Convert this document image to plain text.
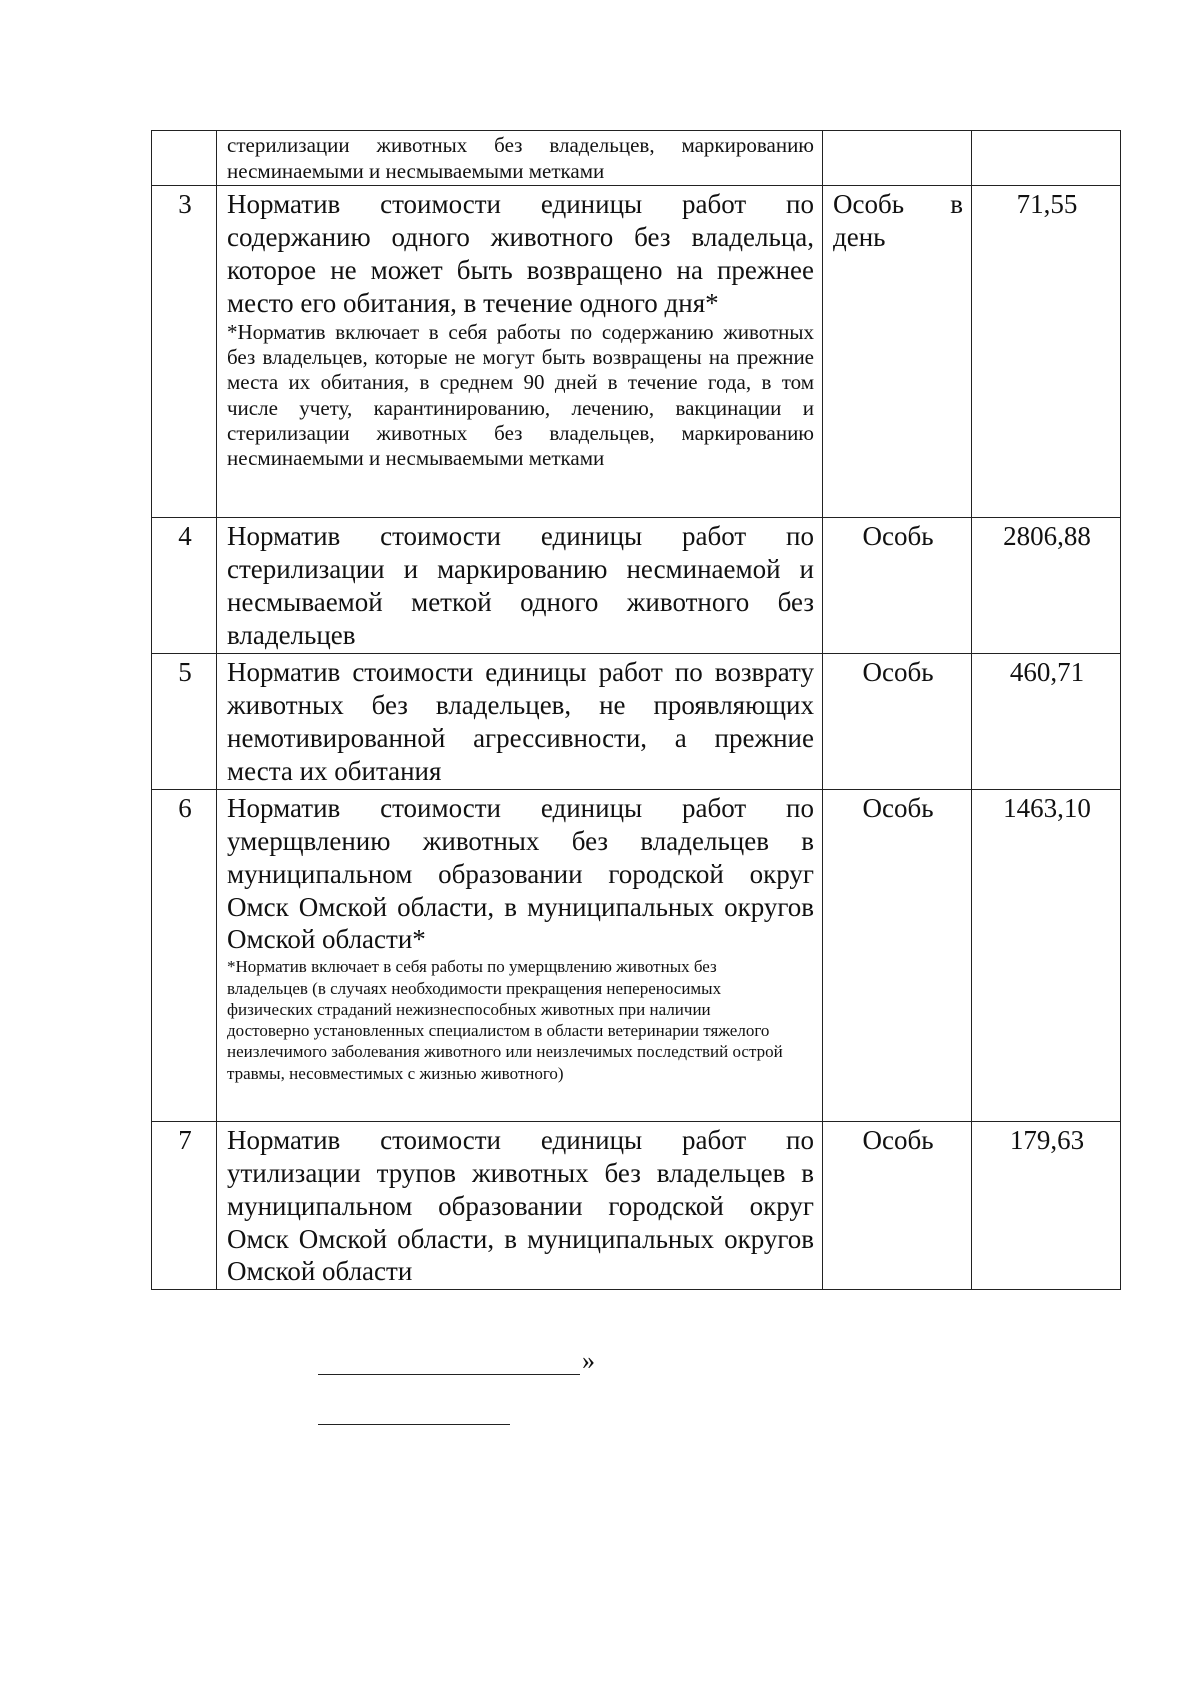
	стерилизации животных без владельцев, маркированию несминаемыми и несмываемыми метками		

3	Норматив стоимости единицы работ по содержанию одного животного без владельца, которое не может быть возвращено на прежнее место его обитания, в течение одного дня*
*Норматив включает в себя работы по содержанию животных без владельцев, которые не могут быть возвращены на прежние места их обитания, в среднем 90 дней в течение года, в том числе учету, карантинированию, лечению, вакцинации и стерилизации животных без владельцев, маркированию несминаемыми и несмываемыми метками	Особь в день	71,55
4	Норматив стоимости единицы работ по стерилизации и маркированию несминаемой и несмываемой меткой одного животного без владельцев	Особь	2806,88
5	Норматив стоимости единицы работ по возврату животных без владельцев, не проявляющих немотивированной агрессивности, а прежние места их обитания	Особь	460,71
6	Норматив стоимости единицы работ по умерщвлению животных без владельцев в муниципальном образовании городской округ Омск Омской области, в муниципальных округов Омской области*
*Норматив включает в себя работы по умерщвлению животных без владельцев (в случаях необходимости прекращения непереносимых физических страданий нежизнеспособных животных при наличии достоверно установленных специалистом в области ветеринарии тяжелого неизлечимого заболевания животного или неизлечимых последствий острой травмы, несовместимых с жизнью животного)	Особь	1463,10
7	Норматив стоимости единицы работ по утилизации трупов животных без владельцев в муниципальном образовании городской округ Омск Омской области, в муниципальных округов Омской области	Особь	179,63
»
